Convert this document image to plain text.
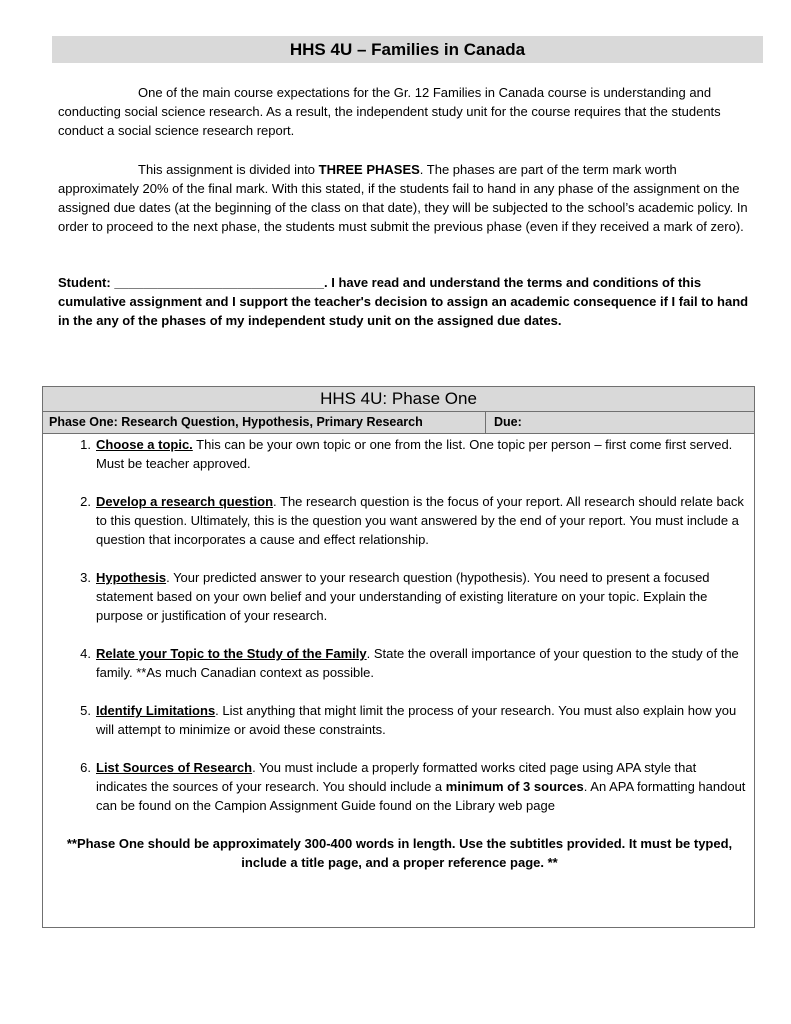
HHS 4U – Families in Canada

One of the main course expectations for the Gr. 12 Families in Canada course is understanding and conducting social science research. As a result, the independent study unit for the course requires that the students conduct a social science research report.

This assignment is divided into THREE PHASES. The phases are part of the term mark worth approximately 20% of the final mark. With this stated, if the students fail to hand in any phase of the assignment on the assigned due dates (at the beginning of the class on that date), they will be subjected to the school’s academic policy. In order to proceed to the next phase, the students must submit the previous phase (even if they received a mark of zero).

Student: _____________________________. I have read and understand the terms and conditions of this cumulative assignment and I support the teacher's decision to assign an academic consequence if I fail to hand in the any of the phases of my independent study unit on the assigned due dates.

HHS 4U: Phase One
Phase One: Research Question, Hypothesis, Primary Research	Due:
1. Choose a topic. This can be your own topic or one from the list. One topic per person – first come first served. Must be teacher approved.
2. Develop a research question. The research question is the focus of your report. All research should relate back to this question. Ultimately, this is the question you want answered by the end of your report. You must include a question that incorporates a cause and effect relationship.
3. Hypothesis. Your predicted answer to your research question (hypothesis). You need to present a focused statement based on your own belief and your understanding of existing literature on your topic. Explain the purpose or justification of your research.
4. Relate your Topic to the Study of the Family. State the overall importance of your question to the study of the family. **As much Canadian context as possible.
5. Identify Limitations. List anything that might limit the process of your research. You must also explain how you will attempt to minimize or avoid these constraints.
6. List Sources of Research. You must include a properly formatted works cited page using APA style that indicates the sources of your research. You should include a minimum of 3 sources. An APA formatting handout can be found on the Campion Assignment Guide found on the Library web page
**Phase One should be approximately 300-400 words in length. Use the subtitles provided. It must be typed, include a title page, and a proper reference page. **
